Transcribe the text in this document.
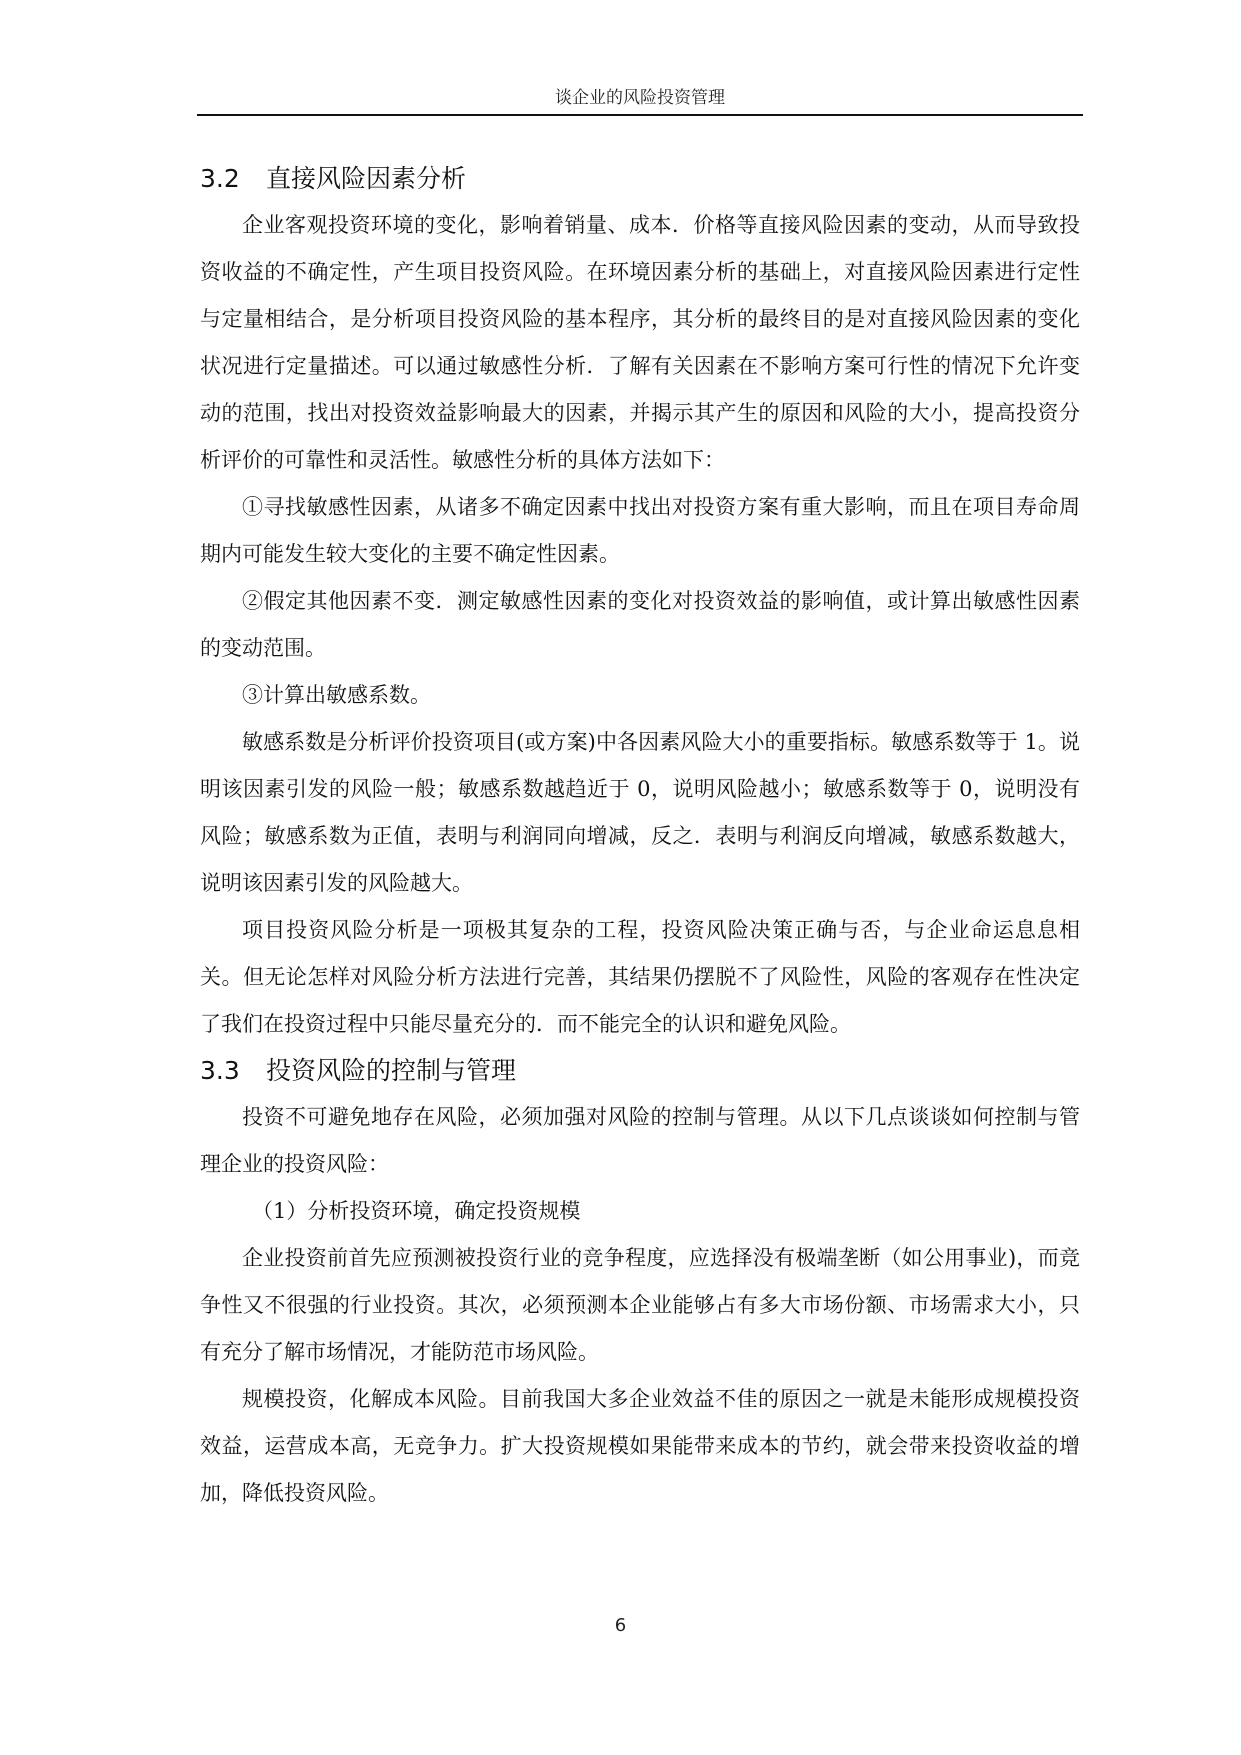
谈企业的风险投资管理
3.2 直接风险因素分析

企业客观投资环境的变化，影响着销量、成本．价格等直接风险因素的变动，从而导致投资收益的不确定性，产生项目投资风险。在环境因素分析的基础上，对直接风险因素进行定性与定量相结合，是分析项目投资风险的基本程序，其分析的最终目的是对直接风险因素的变化状况进行定量描述。可以通过敏感性分析．了解有关因素在不影响方案可行性的情况下允许变动的范围，找出对投资效益影响最大的因素，并揭示其产生的原因和风险的大小，提高投资分析评价的可靠性和灵活性。敏感性分析的具体方法如下：

①寻找敏感性因素，从诸多不确定因素中找出对投资方案有重大影响，而且在项目寿命周期内可能发生较大变化的主要不确定性因素。

②假定其他因素不变．测定敏感性因素的变化对投资效益的影响值，或计算出敏感性因素的变动范围。

③计算出敏感系数。

敏感系数是分析评价投资项目(或方案)中各因素风险大小的重要指标。敏感系数等于 1。说明该因素引发的风险一般；敏感系数越趋近于 0，说明风险越小；敏感系数等于 0，说明没有风险；敏感系数为正值，表明与利润同向增减，反之．表明与利润反向增减，敏感系数越大，说明该因素引发的风险越大。

项目投资风险分析是一项极其复杂的工程，投资风险决策正确与否，与企业命运息息相关。但无论怎样对风险分析方法进行完善，其结果仍摆脱不了风险性，风险的客观存在性决定了我们在投资过程中只能尽量充分的．而不能完全的认识和避免风险。

3.3 投资风险的控制与管理

投资不可避免地存在风险，必须加强对风险的控制与管理。从以下几点谈谈如何控制与管理企业的投资风险：

（1）分析投资环境，确定投资规模

企业投资前首先应预测被投资行业的竞争程度，应选择没有极端垄断（如公用事业)，而竞争性又不很强的行业投资。其次，必须预测本企业能够占有多大市场份额、市场需求大小，只有充分了解市场情况，才能防范市场风险。

规模投资，化解成本风险。目前我国大多企业效益不佳的原因之一就是未能形成规模投资效益，运营成本高，无竞争力。扩大投资规模如果能带来成本的节约，就会带来投资收益的增加，降低投资风险。

6
